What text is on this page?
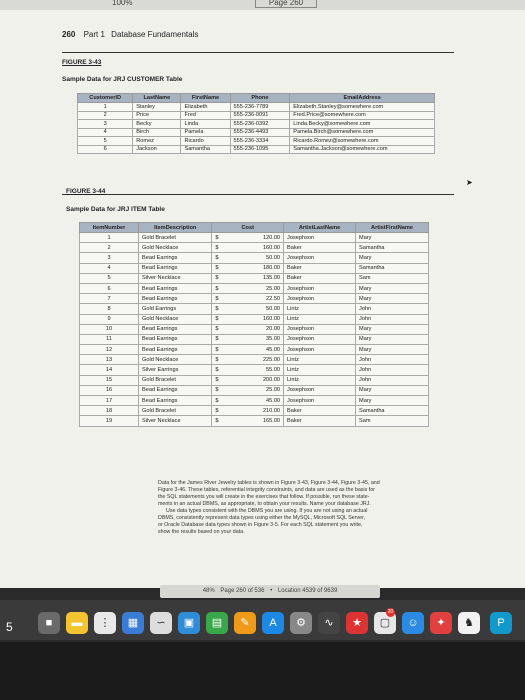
100%	Page 260
260 Part 1 Database Fundamentals
FIGURE 3-43
Sample Data for JRJ CUSTOMER Table
CustomerID	LastName	FirstName	Phone	EmailAddress
1	Stanley	Elizabeth	555-236-7789	Elizabeth.Stanley@somewhere.com
2	Price	Fred	555-236-0091	Fred.Price@somewhere.com
3	Becky	Linda	555-236-0392	Linda.Becky@somewhere.com
4	Birch	Pamela	555-236-4493	Pamela.Birch@somewhere.com
5	Romez	Ricardo	555-236-3334	Ricardo.Romez@somewhere.com
6	Jackson	Samantha	555-236-1095	Samantha.Jackson@somewhere.com
FIGURE 3-44
Sample Data for JRJ ITEM Table
ItemNumber	ItemDescription	Cost		ArtistLastName	ArtistFirstName
1	Gold Bracelet	$	120.00	Josephson	Mary
2	Gold Necklace	$	160.00	Baker	Samantha
3	Bead Earrings	$	50.00	Josephson	Mary
4	Bead Earrings	$	180.00	Baker	Samantha
5	Silver Necklace	$	135.00	Baker	Sam
6	Bead Earrings	$	25.00	Josephson	Mary
7	Bead Earrings	$	22.50	Josephson	Mary
8	Gold Earrings	$	50.00	Lintz	John
9	Gold Necklace	$	160.00	Lintz	John
10	Bead Earrings	$	20.00	Josephson	Mary
11	Bead Earrings	$	35.00	Josephson	Mary
12	Bead Earrings	$	45.00	Josephson	Mary
13	Gold Necklace	$	225.00	Lintz	John
14	Silver Earrings	$	55.00	Lintz	John
15	Gold Bracelet	$	200.00	Lintz	John
16	Bead Earrings	$	25.00	Josephson	Mary
17	Bead Earrings	$	45.00	Josephson	Mary
18	Gold Bracelet	$	210.00	Baker	Samantha
19	Silver Necklace	$	165.00	Baker	Sam
Data for the James River Jewelry tables is shown in Figure 3-43, Figure 3-44, Figure 3-45, and
Figure 3-46. These tables, referential integrity constraints, and data are used as the basis for
the SQL statements you will create in the exercises that follow. If possible, run these state-
ments in an actual DBMS, as appropriate, to obtain your results. Name your database JRJ.
Use data types consistent with the DBMS you are using. If you are not using an actual
DBMS, consistently represent data types using either the MySQL, Microsoft SQL Server,
or Oracle Database data types shown in Figure 3-5. For each SQL statement you write,
show the results based on your data.
➤
48% Page 260 of 536 • Location 4539 of 9639
5	■	▬	⋮	▦	∽	▣	▤	✎	A	⚙	∿	★	▢
20
☺	✦	♞	P
